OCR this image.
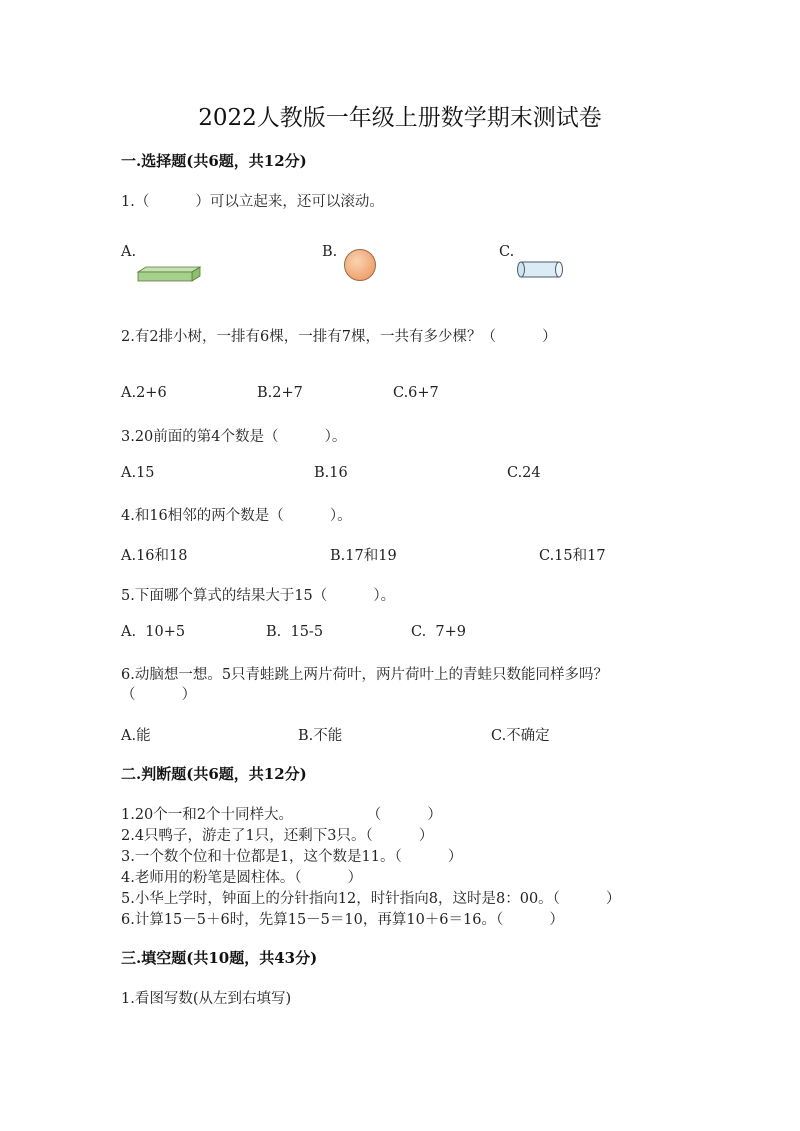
2022人教版一年级上册数学期末测试卷
一.选择题(共6题，共12分)
1.（          ）可以立起来，还可以滚动。
A.	B.	C.
2.有2排小树，一排有6棵，一排有7棵，一共有多少棵？（          ）
A.2+6	B.2+7	C.6+7
3.20前面的第4个数是（          ）。
A.15	B.16	C.24
4.和16相邻的两个数是（          ）。
A.16和18	B.17和19	C.15和17
5.下面哪个算式的结果大于15（          ）。
A.  10+5	B.  15-5	C.  7+9
6.动脑想一想。5只青蛙跳上两片荷叶，两片荷叶上的青蛙只数能同样多吗？
（          ）
A.能	B.不能	C.不确定
二.判断题(共6题，共12分)
1.20个一和2个十同样大。                （          ）
2.4只鸭子，游走了1只，还剩下3只。（          ）
3.一个数个位和十位都是1，这个数是11。（          ）
4.老师用的粉笔是圆柱体。（          ）
5.小华上学时，钟面上的分针指向12，时针指向8，这时是8：00。（          ）
6.计算15－5＋6时，先算15－5＝10，再算10＋6＝16。（          ）
三.填空题(共10题，共43分)
1.看图写数(从左到右填写)
